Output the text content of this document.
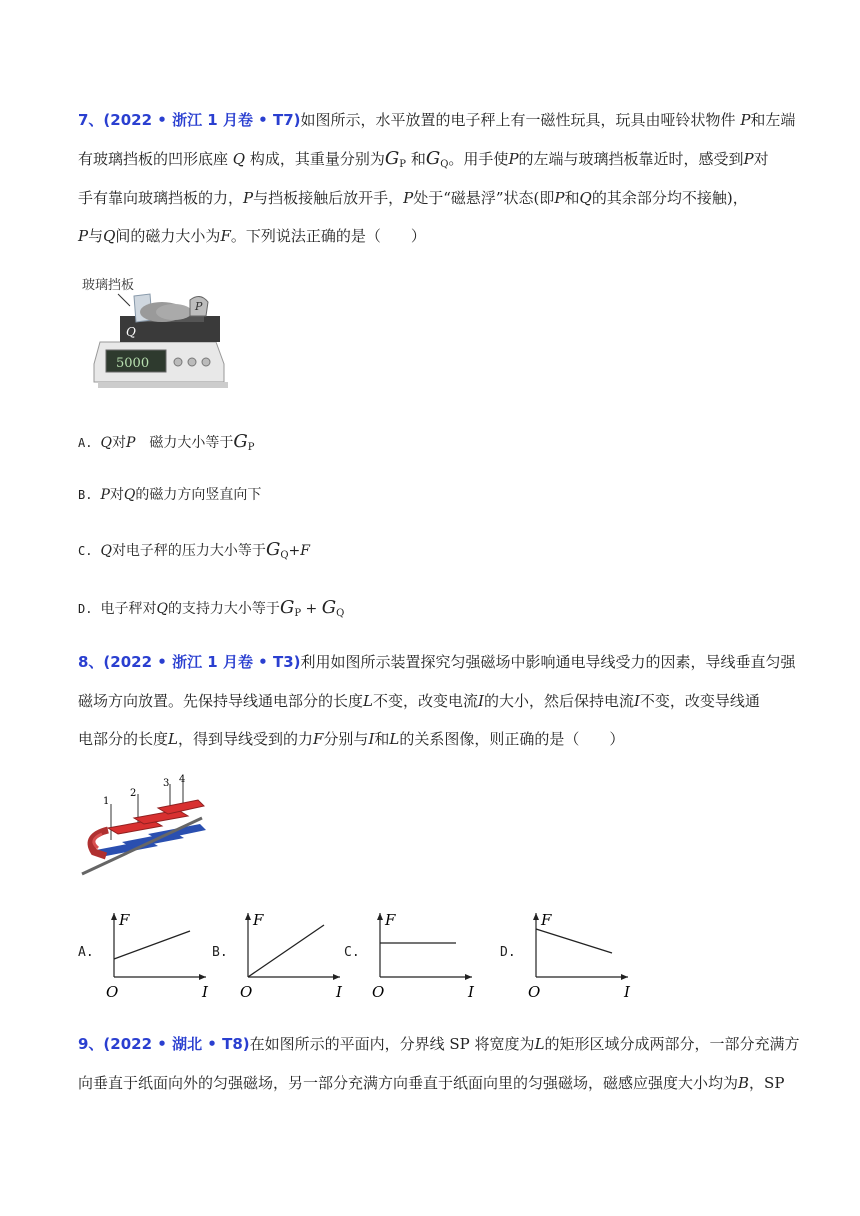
7、(2022 • 浙江 1 月卷 • T7)如图所示，水平放置的电子秤上有一磁性玩具，玩具由哑铃状物件 P和左端
有玻璃挡板的凹形底座 Q 构成，其重量分别为$G_P$ 和$G_Q$。用手使P的左端与玻璃挡板靠近时，感受到P对
手有靠向玻璃挡板的力，P与挡板接触后放开手，P处于“磁悬浮”状态(即P和Q的其余部分均不接触)，
P与Q间的磁力大小为F。下列说法正确的是（　　）
玻璃挡板
5000
Q
P
A. Q对P　磁力大小等于$G_P$
B. P对Q的磁力方向竖直向下
C. Q对电子秤的压力大小等于$G_Q+F$
D. 电子秤对Q的支持力大小等于$G_P + G_Q$
8、(2022 • 浙江 1 月卷 • T3)利用如图所示装置探究匀强磁场中影响通电导线受力的因素，导线垂直匀强
磁场方向放置。先保持导线通电部分的长度L不变，改变电流I的大小，然后保持电流I不变，改变导线通
电部分的长度L，得到导线受到的力F分别与I和L的关系图像，则正确的是（　　）
1
2
3 4
A.
F
I
O
B.
F
I
O
C.
F
I
O
D.
F
I
O
9、(2022 • 湖北 • T8)在如图所示的平面内，分界线 SP 将宽度为L的矩形区域分成两部分，一部分充满方
向垂直于纸面向外的匀强磁场，另一部分充满方向垂直于纸面向里的匀强磁场，磁感应强度大小均为B，SP
